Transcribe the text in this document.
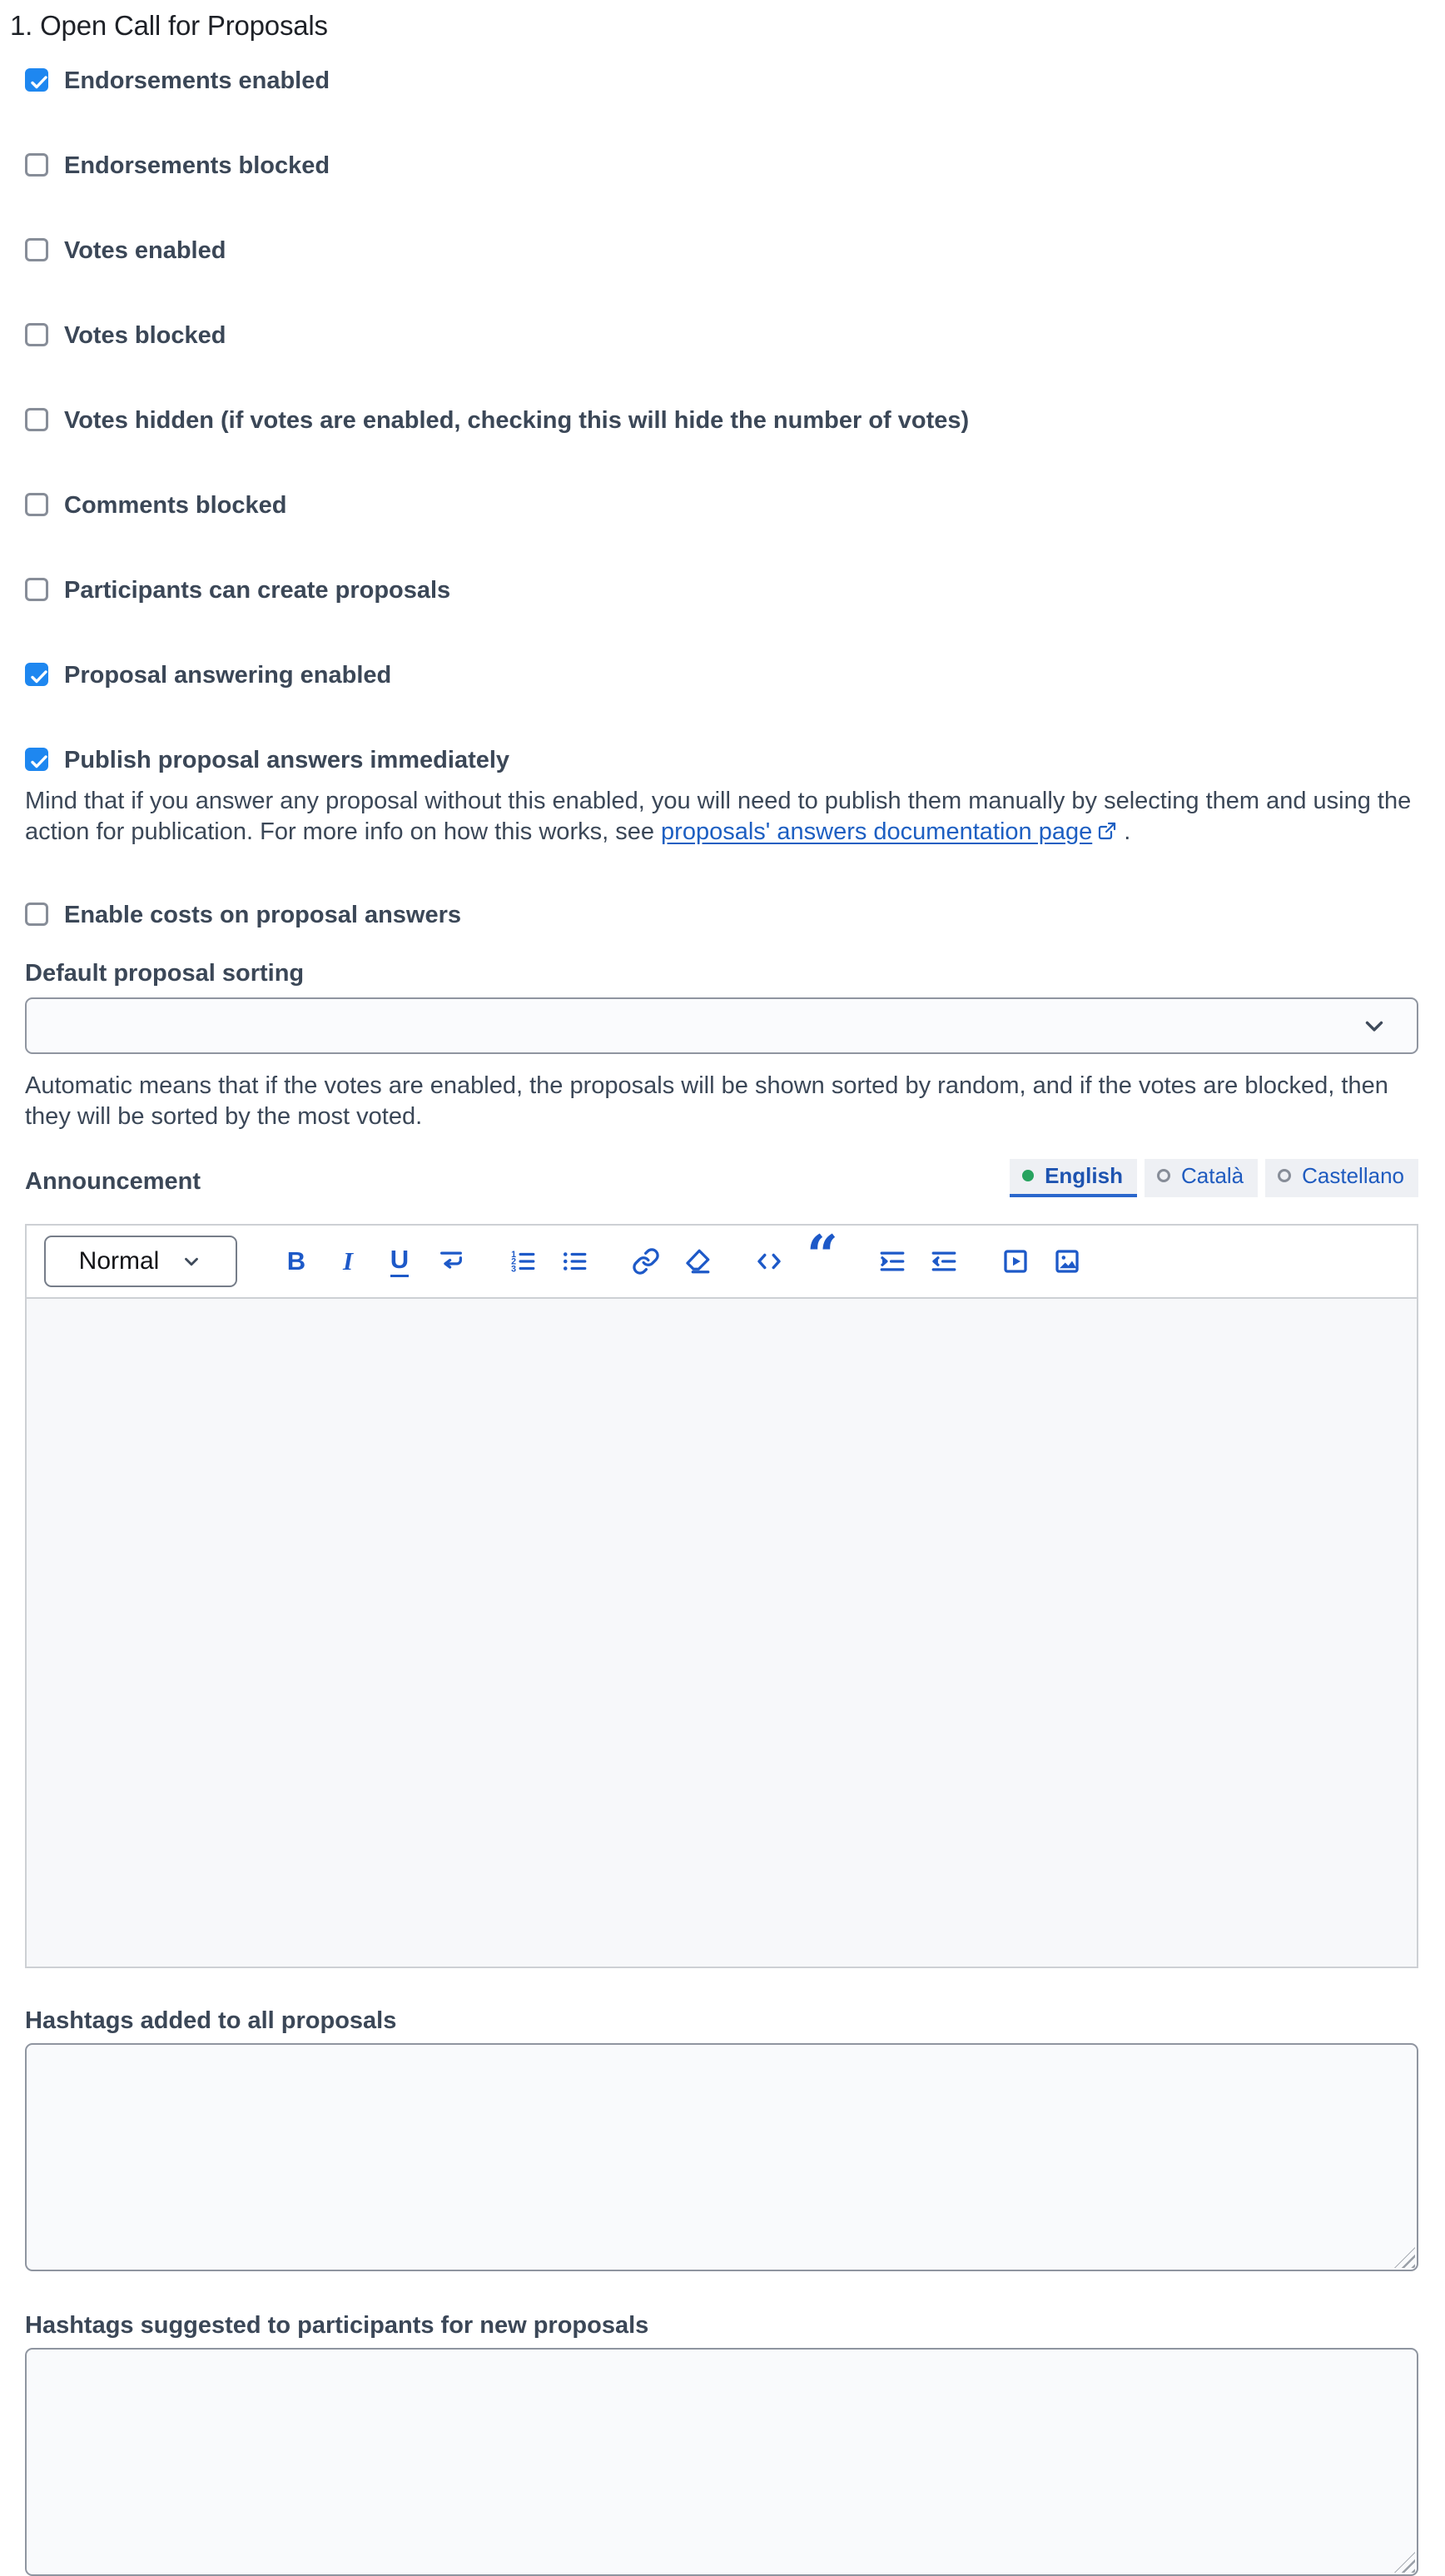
1. Open Call for Proposals
Endorsements enabled
Endorsements blocked
Votes enabled
Votes blocked
Votes hidden (if votes are enabled, checking this will hide the number of votes)
Comments blocked
Participants can create proposals
Proposal answering enabled
Publish proposal answers immediately

Mind that if you answer any proposal without this enabled, you will need to publish them manually by selecting them and using the action for publication. For more info on how this works, see proposals' answers documentation page
.

Enable costs on proposal answers
Default proposal sorting

Automatic means that if the votes are enabled, the proposals will be shown sorted by random, and if the votes are blocked, then they will be sorted by the most voted.

Announcement	English	Català	Castellano
Normal	B I U	1
2
3	“
Hashtags added to all proposals
Hashtags suggested to participants for new proposals
